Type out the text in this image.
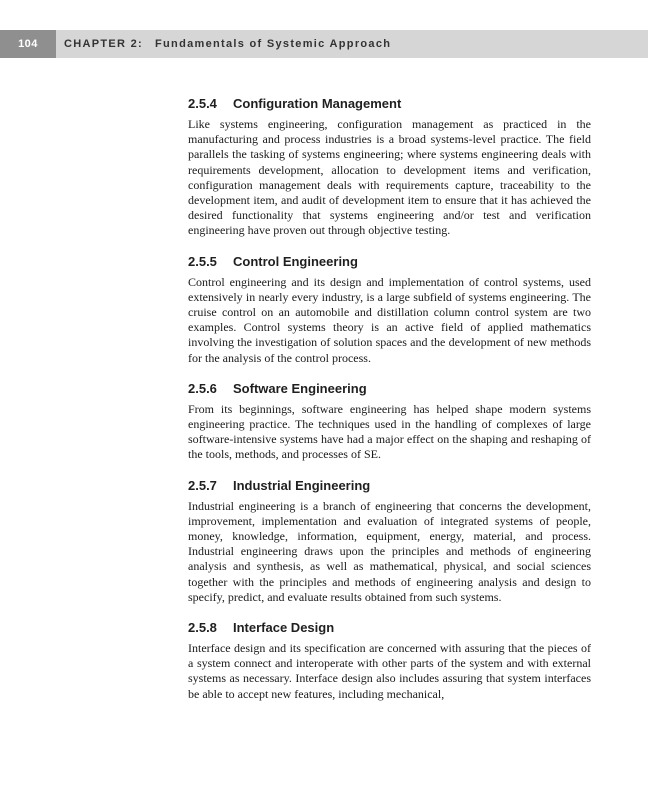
104	CHAPTER 2: Fundamentals of Systemic Approach
2.5.4 Configuration Management

Like systems engineering, configuration management as practiced in the manufacturing and process industries is a broad systems-level practice. The field parallels the tasking of systems engineering; where systems engineering deals with requirements development, allocation to development items and verification, configuration management deals with requirements capture, traceability to the development item, and audit of development item to ensure that it has achieved the desired functionality that systems engineering and/or test and verification engineering have proven out through objective testing.

2.5.5 Control Engineering

Control engineering and its design and implementation of control systems, used extensively in nearly every industry, is a large subfield of systems engineering. The cruise control on an automobile and distillation column control system are two examples. Control systems theory is an active field of applied mathematics involving the investigation of solution spaces and the development of new methods for the analysis of the control process.

2.5.6 Software Engineering

From its beginnings, software engineering has helped shape modern systems engineering practice. The techniques used in the handling of complexes of large software-intensive systems have had a major effect on the shaping and reshaping of the tools, methods, and processes of SE.

2.5.7 Industrial Engineering

Industrial engineering is a branch of engineering that concerns the development, improvement, implementation and evaluation of integrated systems of people, money, knowledge, information, equipment, energy, material, and process. Industrial engineering draws upon the principles and methods of engineering analysis and synthesis, as well as mathematical, physical, and social sciences together with the principles and methods of engineering analysis and design to specify, predict, and evaluate results obtained from such systems.

2.5.8 Interface Design

Interface design and its specification are concerned with assuring that the pieces of a system connect and interoperate with other parts of the system and with external systems as necessary. Interface design also includes assuring that system interfaces be able to accept new features, including mechanical,
